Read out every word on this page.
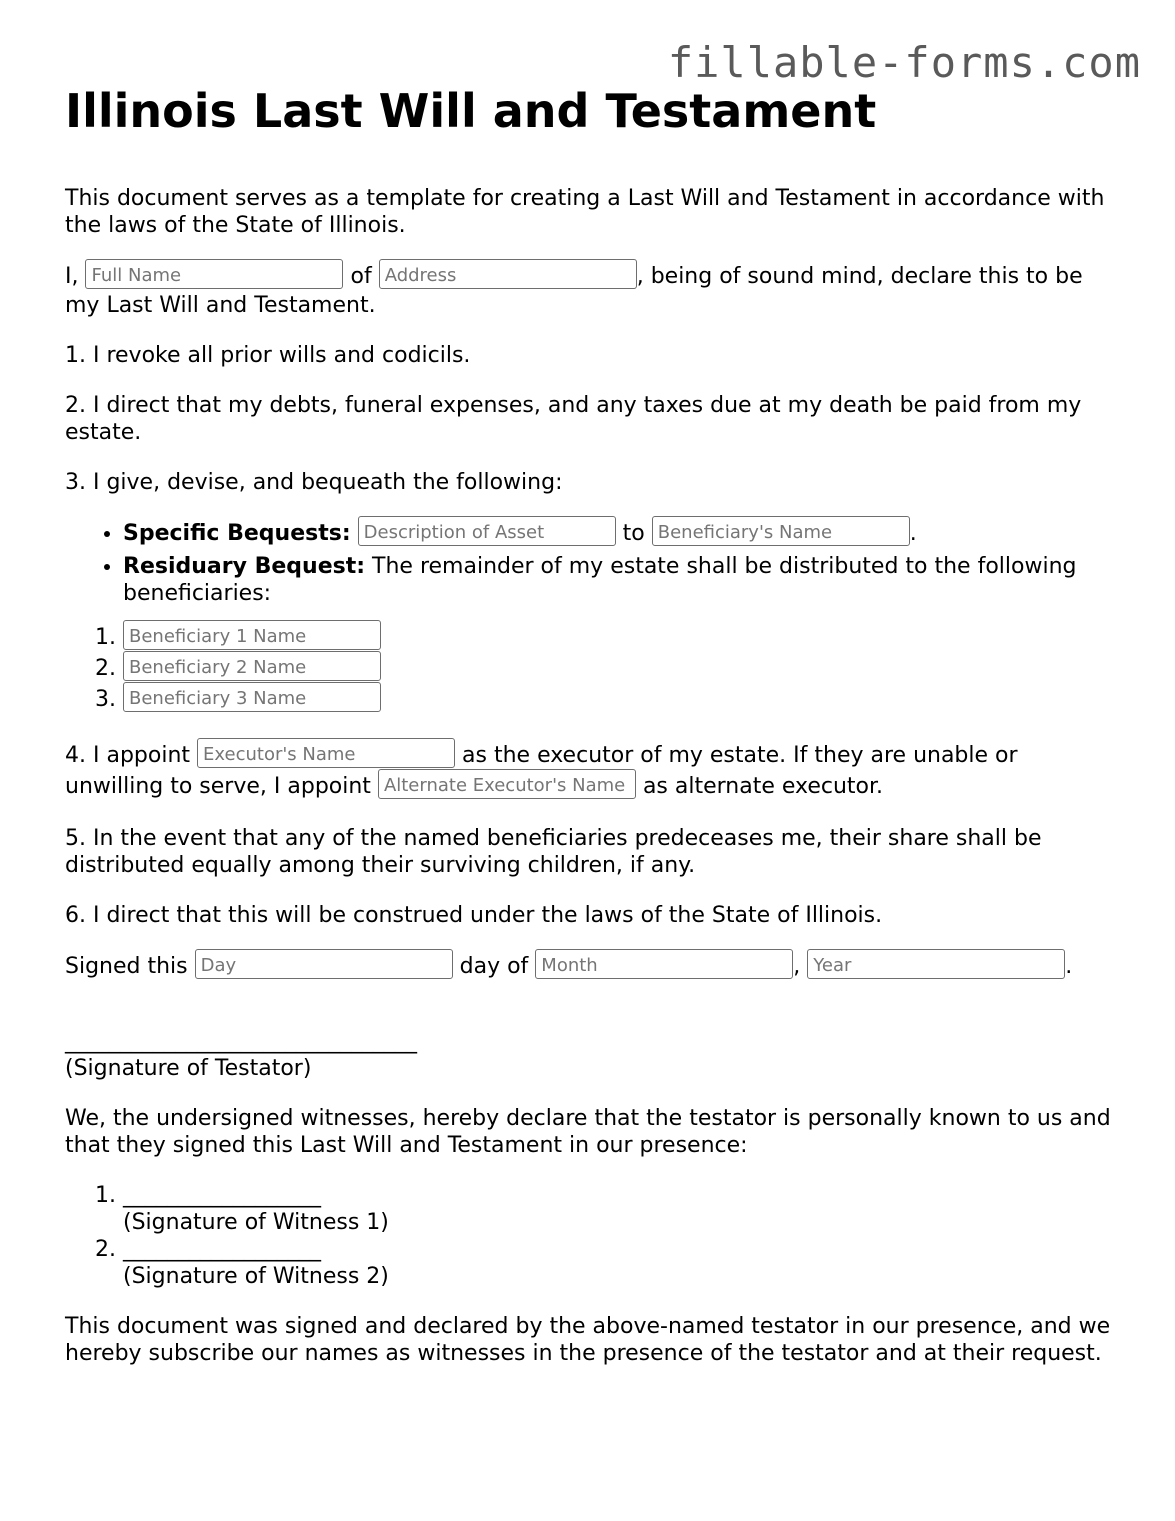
fillable-forms.com
Illinois Last Will and Testament

This document serves as a template for creating a Last Will and Testament in accordance with the laws of the State of Illinois.

I, Full Name	of Address	, being of sound mind, declare this to be my Last Will and Testament.

1. I revoke all prior wills and codicils.

2. I direct that my debts, funeral expenses, and any taxes due at my death be paid from my estate.

3. I give, devise, and bequeath the following:

• Specific Bequests: Description of Asset	to Beneficiary's Name	.
• Residuary Bequest: The remainder of my estate shall be distributed to the following beneficiaries:
1. Beneficiary 1 Name
2. Beneficiary 2 Name
3. Beneficiary 3 Name

4. I appoint Executor's Name	as the executor of my estate. If they are unable or unwilling to serve, I appoint Alternate Executor's Name	as alternate executor.

5. In the event that any of the named beneficiaries predeceases me, their share shall be distributed equally among their surviving children, if any.

6. I direct that this will be construed under the laws of the State of Illinois.

Signed this Day	day of Month	, Year	.

________________________________
(Signature of Testator)

We, the undersigned witnesses, hereby declare that the testator is personally known to us and that they signed this Last Will and Testament in our presence:

1. __________________
(Signature of Witness 1)
2. __________________
(Signature of Witness 2)

This document was signed and declared by the above-named testator in our presence, and we hereby subscribe our names as witnesses in the presence of the testator and at their request.
